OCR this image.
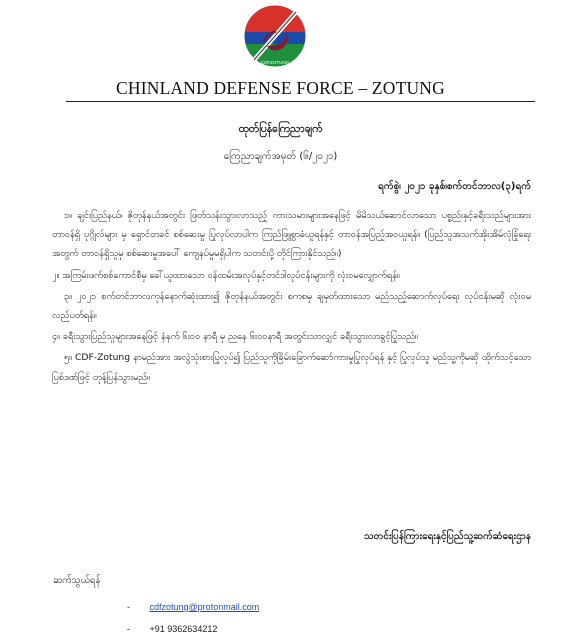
CDFZOTUNG
CHINLAND DEFENSE FORCE – ZOTUNG
ထုတ်ပြန်ကြေညာချက်
ကြေညာချက်အမှတ် (၆/၂၀၂၁)
ရက်စွဲ၊ ၂၀၂၁ ခုနှစ်၊စက်တင်ဘာလ(၃)ရက်

၁။ ချင်းပြည်နယ်၊ ဇိုတုန်နယ်အတွင်း ဖြတ်သန်းသွားလာသည့် ကားသမားများအနေဖြင့် မိမိသယ်ဆောင်လာသော ပစ္စည်းနှင့်ခရီးသည်များအား တာဝန်ရှိ ပုဂ္ဂိုလ်များ မှ ရှောင်တခင် စစ်ဆေးမှု ပြုလုပ်လာပါက ကြည်ဖြူစွာခံယူရန်နှင့် တာဝန်အပြည့်အဝယူရန်။ (ပြည်သူအသက်အိုးအိမ်လုံခြုံရေးအတွက် တာဝန်ရှိသူမှ စစ်ဆေးမှုအပေါ် ကျေနပ်မှုမရှိပါက သတင်းပို့ တိုင်ကြားနိုင်သည်။)

၂။ အကြမ်းဖက်စစ်ကောင်စီမှ ခေါ်ယူထားသော ဝန်ထမ်းအလုပ်နှင့်တင်ဒါလုပ်ငန်းများကို လုံးဝမလျှောက်ရန်။

၃။ ၂၀၂၁ စက်တင်ဘာလကုန်နောက်ဆုံးထား၍ ဇိုတုန်နယ်အတွင်း စကစမှ ချမှတ်ထားသော မည်သည့်ဆောက်လုပ်ရေး လုပ်ငန်းမဆို လုံးဝမလည်ပတ်ရန်။

၄။ ခရီးသွားပြည်သူများအနေဖြင့် နံနက် ၆း၀၀ နာရီ မှ ညနေ ၆း၀၀နာရီ အတွင်းသာလျှင် ခရီးသွားလာခွင့်ပြုသည်။

၅။ CDF-Zotung နာမည်အား အလွဲသုံးစားပြုလုပ်၍ ပြည်သူကိုခြိမ်းခြောက်ဆော်ကားမှုပြုလုပ်ရန် နှင့် ပြုလုပ်သူ မည်သူ့ကိုမဆို ထိုက်သင့်သောပြစ်ဒဏ်ဖြင့် တုန့်ပြန်သွားမည်။

သတင်းပြန်ကြားရေးနှင့်ပြည်သူ့ဆက်ဆံရေးဌာန
ဆက်သွယ်ရန်
- cdfzotung@protonmail.com
- +91 9362634212
